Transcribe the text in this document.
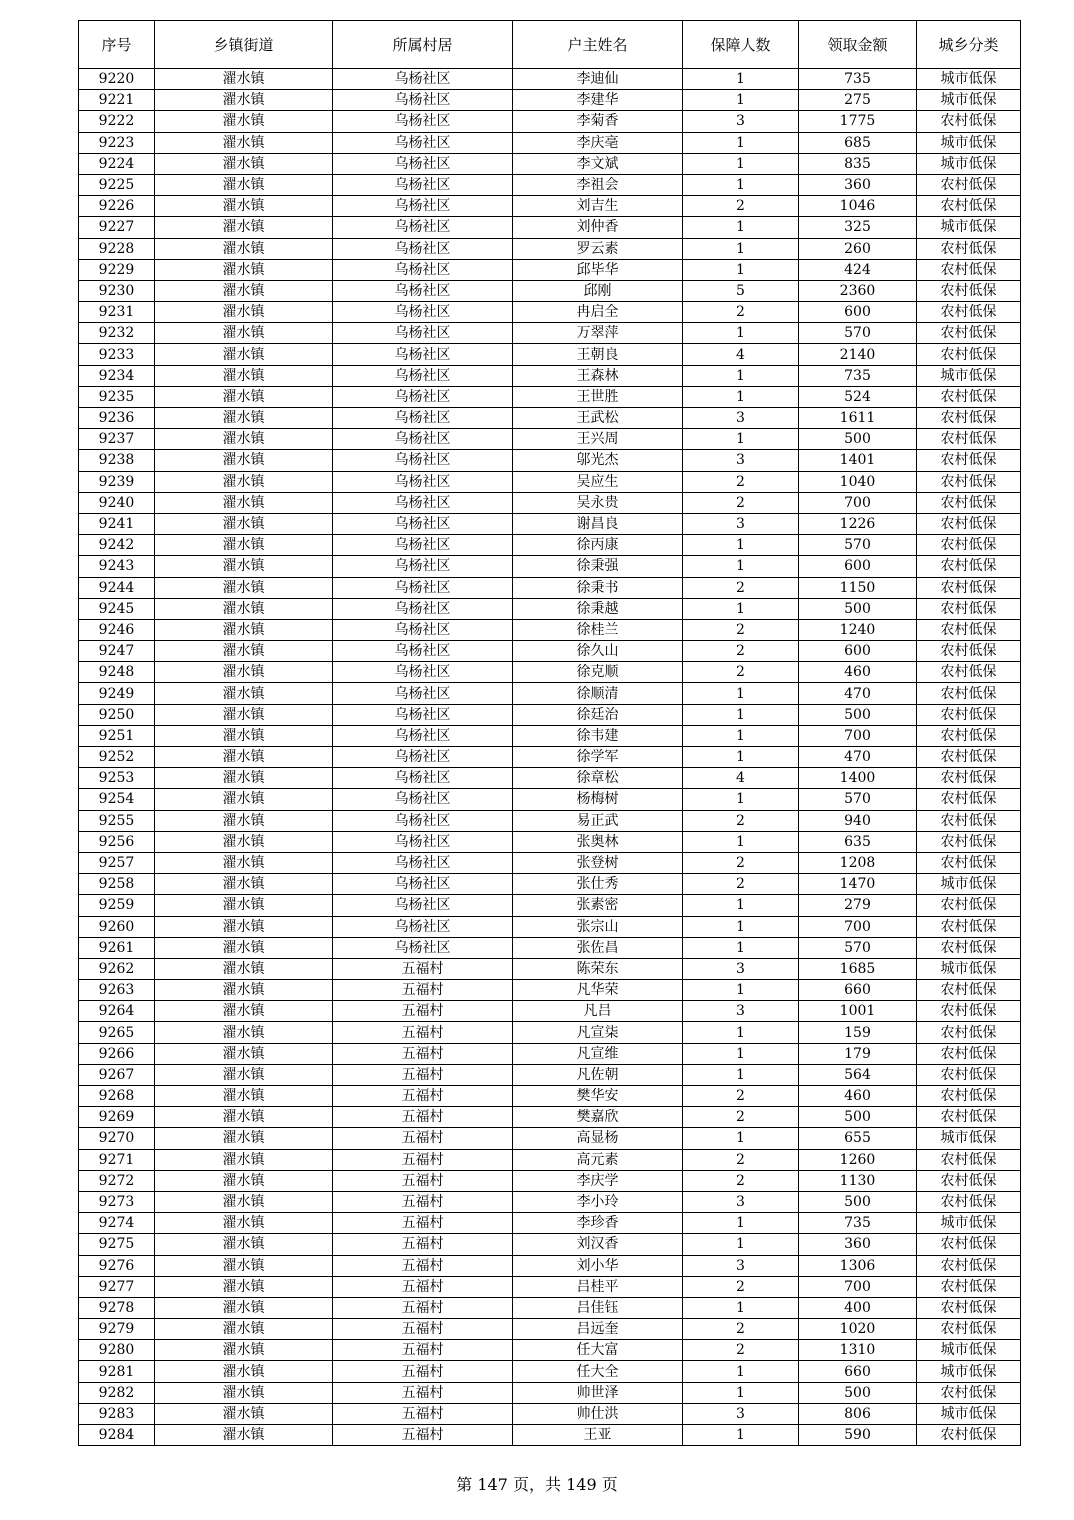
序号	乡镇街道	所属村居	户主姓名	保障人数	领取金额	城乡分类
9220	濯水镇	乌杨社区	李迪仙	1	735	城市低保
9221	濯水镇	乌杨社区	李建华	1	275	城市低保
9222	濯水镇	乌杨社区	李菊香	3	1775	农村低保
9223	濯水镇	乌杨社区	李庆亳	1	685	城市低保
9224	濯水镇	乌杨社区	李文斌	1	835	城市低保
9225	濯水镇	乌杨社区	李祖会	1	360	农村低保
9226	濯水镇	乌杨社区	刘吉生	2	1046	农村低保
9227	濯水镇	乌杨社区	刘仲香	1	325	城市低保
9228	濯水镇	乌杨社区	罗云素	1	260	农村低保
9229	濯水镇	乌杨社区	邱毕华	1	424	农村低保
9230	濯水镇	乌杨社区	邱刚	5	2360	农村低保
9231	濯水镇	乌杨社区	冉启全	2	600	农村低保
9232	濯水镇	乌杨社区	万翠萍	1	570	农村低保
9233	濯水镇	乌杨社区	王朝良	4	2140	农村低保
9234	濯水镇	乌杨社区	王森林	1	735	城市低保
9235	濯水镇	乌杨社区	王世胜	1	524	农村低保
9236	濯水镇	乌杨社区	王武松	3	1611	农村低保
9237	濯水镇	乌杨社区	王兴周	1	500	农村低保
9238	濯水镇	乌杨社区	邬光杰	3	1401	农村低保
9239	濯水镇	乌杨社区	吴应生	2	1040	农村低保
9240	濯水镇	乌杨社区	吴永贵	2	700	农村低保
9241	濯水镇	乌杨社区	谢昌良	3	1226	农村低保
9242	濯水镇	乌杨社区	徐丙康	1	570	农村低保
9243	濯水镇	乌杨社区	徐秉强	1	600	农村低保
9244	濯水镇	乌杨社区	徐秉书	2	1150	农村低保
9245	濯水镇	乌杨社区	徐秉越	1	500	农村低保
9246	濯水镇	乌杨社区	徐桂兰	2	1240	农村低保
9247	濯水镇	乌杨社区	徐久山	2	600	农村低保
9248	濯水镇	乌杨社区	徐克顺	2	460	农村低保
9249	濯水镇	乌杨社区	徐顺清	1	470	农村低保
9250	濯水镇	乌杨社区	徐廷治	1	500	农村低保
9251	濯水镇	乌杨社区	徐韦建	1	700	农村低保
9252	濯水镇	乌杨社区	徐学军	1	470	农村低保
9253	濯水镇	乌杨社区	徐章松	4	1400	农村低保
9254	濯水镇	乌杨社区	杨梅树	1	570	农村低保
9255	濯水镇	乌杨社区	易正武	2	940	农村低保
9256	濯水镇	乌杨社区	张奥林	1	635	农村低保
9257	濯水镇	乌杨社区	张登树	2	1208	农村低保
9258	濯水镇	乌杨社区	张仕秀	2	1470	城市低保
9259	濯水镇	乌杨社区	张素密	1	279	农村低保
9260	濯水镇	乌杨社区	张宗山	1	700	农村低保
9261	濯水镇	乌杨社区	张佐昌	1	570	农村低保
9262	濯水镇	五福村	陈荣东	3	1685	城市低保
9263	濯水镇	五福村	凡华荣	1	660	农村低保
9264	濯水镇	五福村	凡吕	3	1001	农村低保
9265	濯水镇	五福村	凡宣柒	1	159	农村低保
9266	濯水镇	五福村	凡宣维	1	179	农村低保
9267	濯水镇	五福村	凡佐朝	1	564	农村低保
9268	濯水镇	五福村	樊华安	2	460	农村低保
9269	濯水镇	五福村	樊嘉欣	2	500	农村低保
9270	濯水镇	五福村	高显杨	1	655	城市低保
9271	濯水镇	五福村	高元素	2	1260	农村低保
9272	濯水镇	五福村	李庆学	2	1130	农村低保
9273	濯水镇	五福村	李小玲	3	500	农村低保
9274	濯水镇	五福村	李珍香	1	735	城市低保
9275	濯水镇	五福村	刘汉香	1	360	农村低保
9276	濯水镇	五福村	刘小华	3	1306	农村低保
9277	濯水镇	五福村	吕桂平	2	700	农村低保
9278	濯水镇	五福村	吕佳钰	1	400	农村低保
9279	濯水镇	五福村	吕远奎	2	1020	农村低保
9280	濯水镇	五福村	任大富	2	1310	城市低保
9281	濯水镇	五福村	任大全	1	660	城市低保
9282	濯水镇	五福村	帅世泽	1	500	农村低保
9283	濯水镇	五福村	帅仕洪	3	806	城市低保
9284	濯水镇	五福村	王亚	1	590	农村低保
第 147 页，共 149 页
